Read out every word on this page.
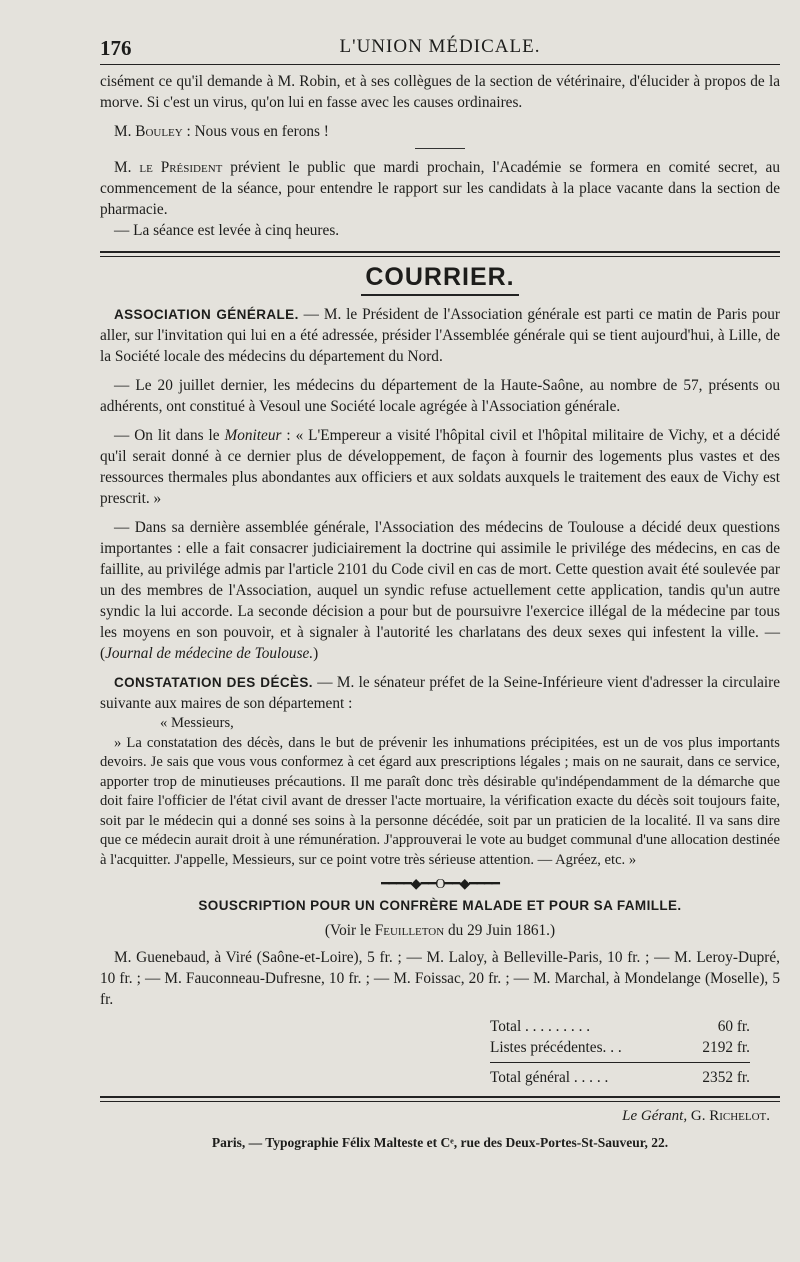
176	L'UNION MÉDICALE.

cisément ce qu'il demande à M. Robin, et à ses collègues de la section de vétérinaire, d'élucider à propos de la morve. Si c'est un virus, qu'on lui en fasse avec les causes ordinaires.

M. Bouley : Nous vous en ferons !

M. le Président prévient le public que mardi prochain, l'Académie se formera en comité secret, au commencement de la séance, pour entendre le rapport sur les candidats à la place vacante dans la section de pharmacie.

— La séance est levée à cinq heures.

COURRIER.

ASSOCIATION GÉNÉRALE. — M. le Président de l'Association générale est parti ce matin de Paris pour aller, sur l'invitation qui lui en a été adressée, présider l'Assemblée générale qui se tient aujourd'hui, à Lille, de la Société locale des médecins du département du Nord.

— Le 20 juillet dernier, les médecins du département de la Haute-Saône, au nombre de 57, présents ou adhérents, ont constitué à Vesoul une Société locale agrégée à l'Association générale.

— On lit dans le Moniteur : « L'Empereur a visité l'hôpital civil et l'hôpital militaire de Vichy, et a décidé qu'il serait donné à ce dernier plus de développement, de façon à fournir des logements plus vastes et des ressources thermales plus abondantes aux officiers et aux soldats auxquels le traitement des eaux de Vichy est prescrit. »

— Dans sa dernière assemblée générale, l'Association des médecins de Toulouse a décidé deux questions importantes : elle a fait consacrer judiciairement la doctrine qui assimile le privilége des médecins, en cas de faillite, au privilége admis par l'article 2101 du Code civil en cas de mort. Cette question avait été soulevée par un des membres de l'Association, auquel un syndic refuse actuellement cette application, tandis qu'un autre syndic la lui accorde. La seconde décision a pour but de poursuivre l'exercice illégal de la médecine par tous les moyens en son pouvoir, et à signaler à l'autorité les charlatans des deux sexes qui infestent la ville. — (Journal de médecine de Toulouse.)

CONSTATATION DES DÉCÈS. — M. le sénateur préfet de la Seine-Inférieure vient d'adresser la circulaire suivante aux maires de son département :

« Messieurs,

» La constatation des décès, dans le but de prévenir les inhumations précipitées, est un de vos plus importants devoirs. Je sais que vous vous conformez à cet égard aux prescriptions légales ; mais on ne saurait, dans ce service, apporter trop de minutieuses précautions. Il me paraît donc très désirable qu'indépendamment de la démarche que doit faire l'officier de l'état civil avant de dresser l'acte mortuaire, la vérification exacte du décès soit toujours faite, soit par le médecin qui a donné ses soins à la personne décédée, soit par un praticien de la localité. Il va sans dire que ce médecin aurait droit à une rémunération. J'approuverai le vote au budget communal d'une allocation destinée à l'acquitter. J'appelle, Messieurs, sur ce point votre très sérieuse attention. — Agréez, etc. »

━━━━◆━━O━━◆━━━━

SOUSCRIPTION POUR UN CONFRÈRE MALADE ET POUR SA FAMILLE.

(Voir le Feuilleton du 29 Juin 1861.)

M. Guenebaud, à Viré (Saône-et-Loire), 5 fr. ; — M. Laloy, à Belleville-Paris, 10 fr. ; — M. Leroy-Dupré, 10 fr. ; — M. Fauconneau-Dufresne, 10 fr. ; — M. Foissac, 20 fr. ; — M. Marchal, à Mondelange (Moselle), 5 fr.

Total . . . . . . . . .	60 fr.
Listes précédentes. . .	2192 fr.
Total général . . . . .	2352 fr.
Le Gérant, G. Richelot.
Paris, — Typographie Félix Malteste et Cᵉ, rue des Deux-Portes-St-Sauveur, 22.
